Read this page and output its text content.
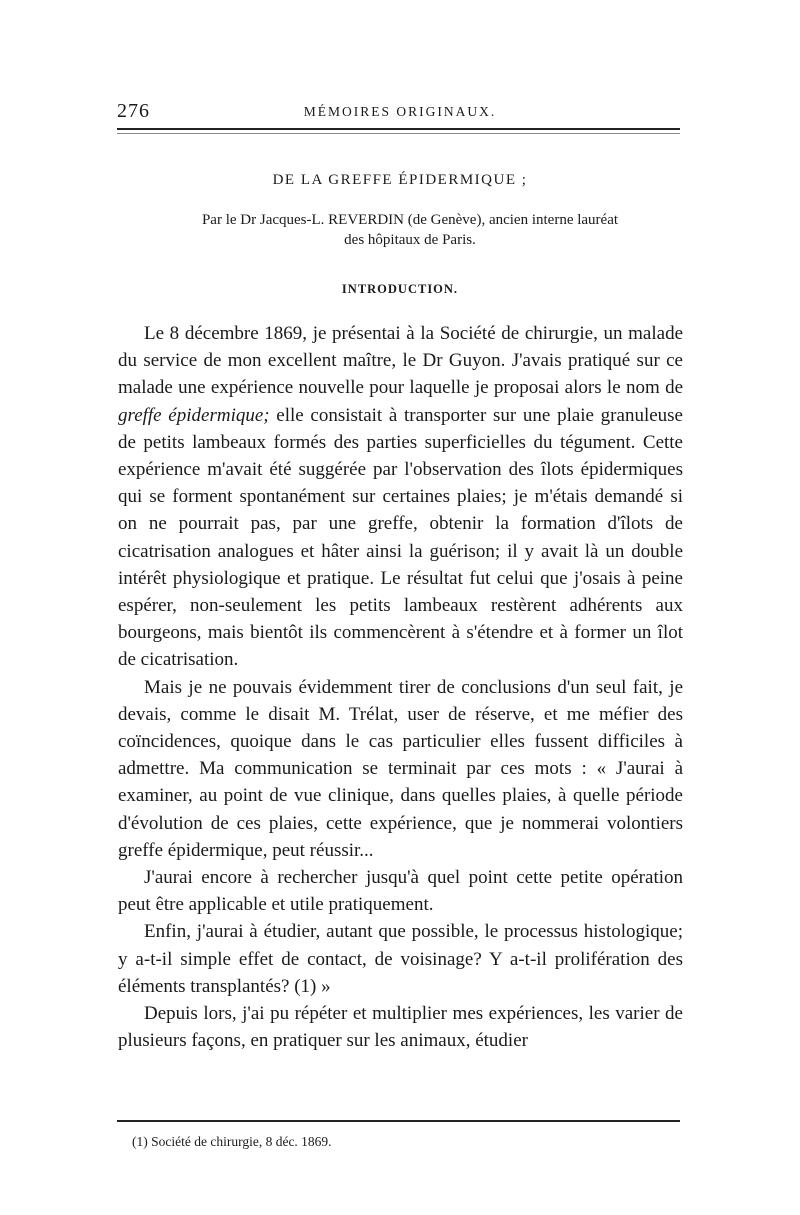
276	MÉMOIRES ORIGINAUX.
DE LA GREFFE ÉPIDERMIQUE ;
Par le Dr Jacques-L. REVERDIN (de Genève), ancien interne lauréat
des hôpitaux de Paris.
INTRODUCTION.

Le 8 décembre 1869, je présentai à la Société de chirurgie, un malade du service de mon excellent maître, le Dr Guyon. J'avais pratiqué sur ce malade une expérience nouvelle pour laquelle je proposai alors le nom de greffe épidermique; elle consistait à transporter sur une plaie granuleuse de petits lambeaux formés des parties superficielles du tégument. Cette expérience m'avait été suggérée par l'observation des îlots épidermiques qui se forment spontanément sur certaines plaies; je m'étais demandé si on ne pourrait pas, par une greffe, obtenir la formation d'îlots de cicatrisation analogues et hâter ainsi la guérison; il y avait là un double intérêt physiologique et pratique. Le résultat fut celui que j'osais à peine espérer, non-seulement les petits lambeaux restèrent adhérents aux bourgeons, mais bientôt ils commencèrent à s'étendre et à former un îlot de cicatrisation.

Mais je ne pouvais évidemment tirer de conclusions d'un seul fait, je devais, comme le disait M. Trélat, user de réserve, et me méfier des coïncidences, quoique dans le cas particulier elles fussent difficiles à admettre. Ma communication se terminait par ces mots : « J'aurai à examiner, au point de vue clinique, dans quelles plaies, à quelle période d'évolution de ces plaies, cette expérience, que je nommerai volontiers greffe épidermique, peut réussir...

J'aurai encore à rechercher jusqu'à quel point cette petite opération peut être applicable et utile pratiquement.

Enfin, j'aurai à étudier, autant que possible, le processus histologique; y a-t-il simple effet de contact, de voisinage? Y a-t-il prolifération des éléments transplantés? (1) »

Depuis lors, j'ai pu répéter et multiplier mes expériences, les varier de plusieurs façons, en pratiquer sur les animaux, étudier

(1) Société de chirurgie, 8 déc. 1869.
